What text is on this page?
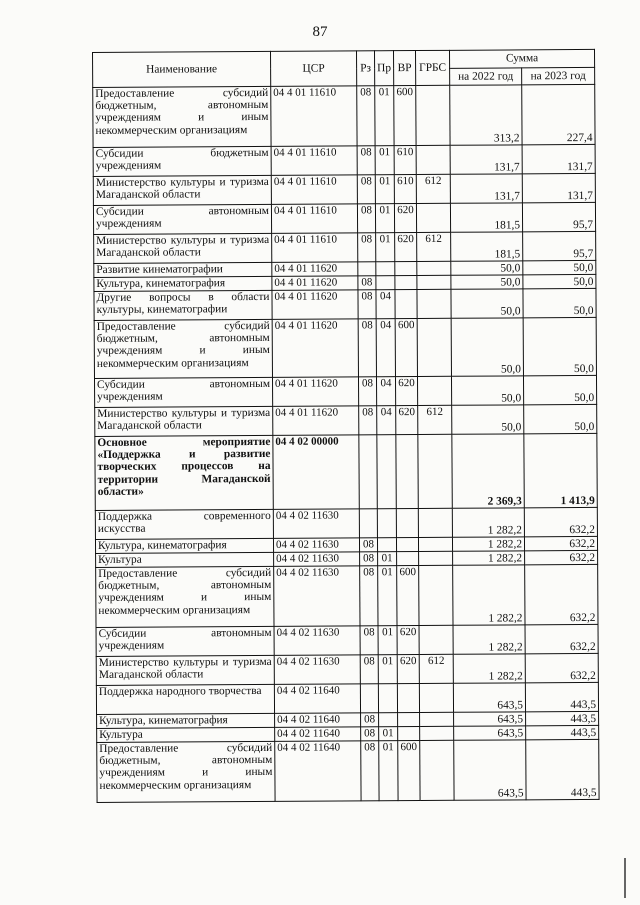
87
Наименование	ЦСР	Рз	Пр	ВР	ГРБС	Сумма	
						на 2022 год	на 2023 год
Предоставление субсидий бюджетным, автономным учреждениям и иным некоммерческим организациям	04 4 01 11610	08	01	600		313,2	227,4
Субсидии бюджетным учреждениям	04 4 01 11610	08	01	610		131,7	131,7
Министерство культуры и туризма Магаданской области	04 4 01 11610	08	01	610	612	131,7	131,7
Субсидии автономным учреждениям	04 4 01 11610	08	01	620		181,5	95,7
Министерство культуры и туризма Магаданской области	04 4 01 11610	08	01	620	612	181,5	95,7
Развитие кинематографии	04 4 01 11620					50,0	50,0
Культура, кинематография	04 4 01 11620	08				50,0	50,0
Другие вопросы в области культуры, кинематографии	04 4 01 11620	08	04			50,0	50,0
Предоставление субсидий бюджетным, автономным учреждениям и иным некоммерческим организациям	04 4 01 11620	08	04	600		50,0	50,0
Субсидии автономным учреждениям	04 4 01 11620	08	04	620		50,0	50,0
Министерство культуры и туризма Магаданской области	04 4 01 11620	08	04	620	612	50,0	50,0
Основное мероприятие «Поддержка и развитие творческих процессов на территории Магаданской области»	04 4 02 00000					2 369,3	1 413,9
Поддержка современного искусства	04 4 02 11630					1 282,2	632,2
Культура, кинематография	04 4 02 11630	08				1 282,2	632,2
Культура	04 4 02 11630	08	01			1 282,2	632,2
Предоставление субсидий бюджетным, автономным учреждениям и иным некоммерческим организациям	04 4 02 11630	08	01	600		1 282,2	632,2
Субсидии автономным учреждениям	04 4 02 11630	08	01	620		1 282,2	632,2
Министерство культуры и туризма Магаданской области	04 4 02 11630	08	01	620	612	1 282,2	632,2
Поддержка народного творчества	04 4 02 11640					643,5	443,5
Культура, кинематография	04 4 02 11640	08				643,5	443,5
Культура	04 4 02 11640	08	01			643,5	443,5
Предоставление субсидий бюджетным, автономным учреждениям и иным некоммерческим организациям	04 4 02 11640	08	01	600		643,5	443,5
